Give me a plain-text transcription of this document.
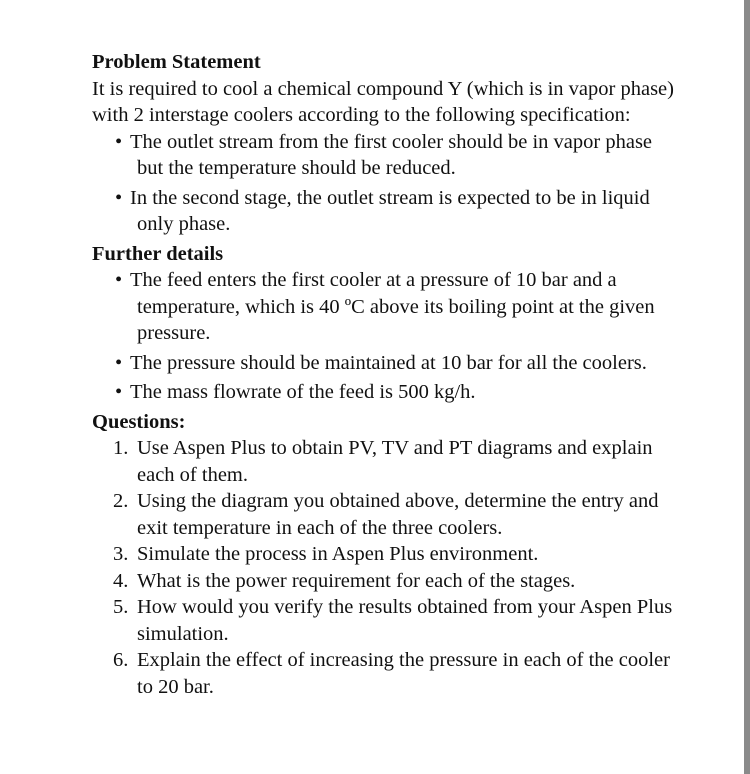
Problem Statement

It is required to cool a chemical compound Y (which is in vapor phase) with 2 interstage coolers according to the following specification:

• The outlet stream from the first cooler should be in vapor phase but the temperature should be reduced.
• In the second stage, the outlet stream is expected to be in liquid only phase.

Further details

• The feed enters the first cooler at a pressure of 10 bar and a temperature, which is 40 ºC above its boiling point at the given pressure.
• The pressure should be maintained at 10 bar for all the coolers.
• The mass flowrate of the feed is 500 kg/h.

Questions:

1. Use Aspen Plus to obtain PV, TV and PT diagrams and explain each of them.
2. Using the diagram you obtained above, determine the entry and exit temperature in each of the three coolers.
3. Simulate the process in Aspen Plus environment.
4. What is the power requirement for each of the stages.
5. How would you verify the results obtained from your Aspen Plus simulation.
6. Explain the effect of increasing the pressure in each of the cooler to 20 bar.
